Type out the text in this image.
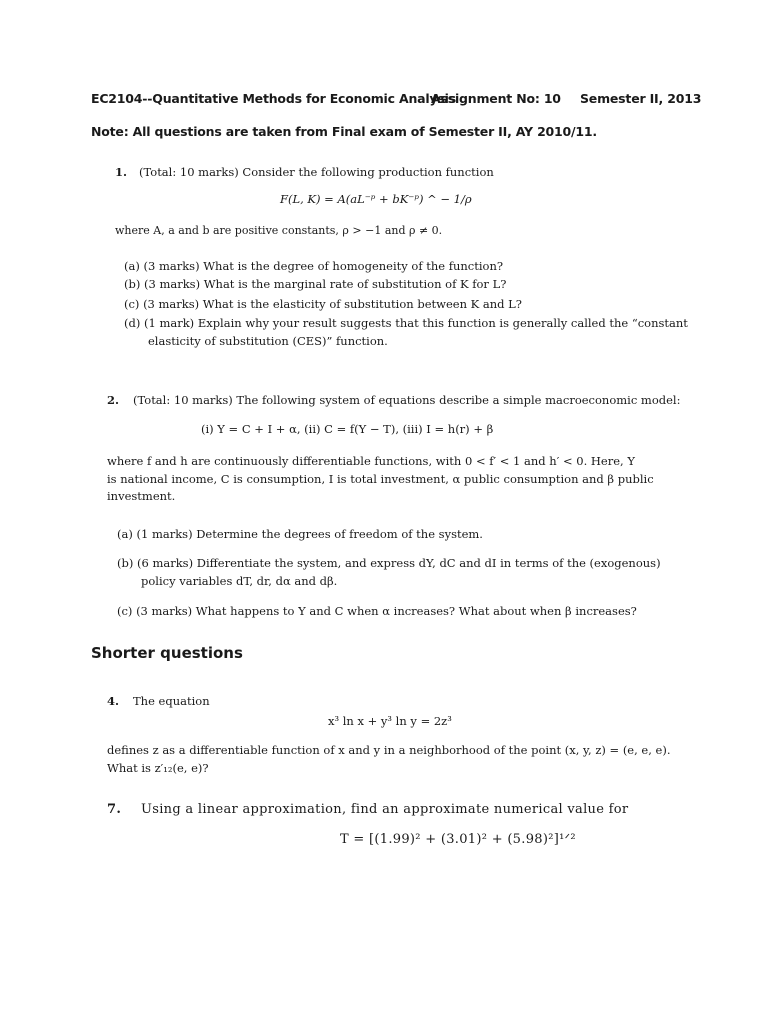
EC2104--Quantitative Methods for Economic Analysis
Assignment No: 10 Semester II, 2013
Note: All questions are taken from Final exam of Semester II, AY 2010/11.
1. (Total: 10 marks) Consider the following production function
F(L, K) = A(aL⁻ᵖ + bK⁻ᵖ) ^ − 1/ρ
where A, a and b are positive constants, ρ > −1 and ρ ≠ 0.
(a) (3 marks) What is the degree of homogeneity of the function?
(b) (3 marks) What is the marginal rate of substitution of K for L?
(c) (3 marks) What is the elasticity of substitution between K and L?
(d) (1 mark) Explain why your result suggests that this function is generally called the “constant
elasticity of substitution (CES)” function.
2. (Total: 10 marks) The following system of equations describe a simple macroeconomic model:
(i) Y = C + I + α, (ii) C = f(Y − T), (iii) I = h(r) + β
where f and h are continuously differentiable functions, with 0 < f′ < 1 and h′ < 0. Here, Y
is national income, C is consumption, I is total investment, α public consumption and β public
investment.
(a) (1 marks) Determine the degrees of freedom of the system.
(b) (6 marks) Differentiate the system, and express dY, dC and dI in terms of the (exogenous)
policy variables dT, dr, dα and dβ.
(c) (3 marks) What happens to Y and C when α increases? What about when β increases?
Shorter questions
4. The equation
x³ ln x + y³ ln y = 2z³
defines z as a differentiable function of x and y in a neighborhood of the point (x, y, z) = (e, e, e).
What is z′₁₂(e, e)?
7. Using a linear approximation, find an approximate numerical value for
T = [(1.99)² + (3.01)² + (5.98)²]¹ᐟ²
